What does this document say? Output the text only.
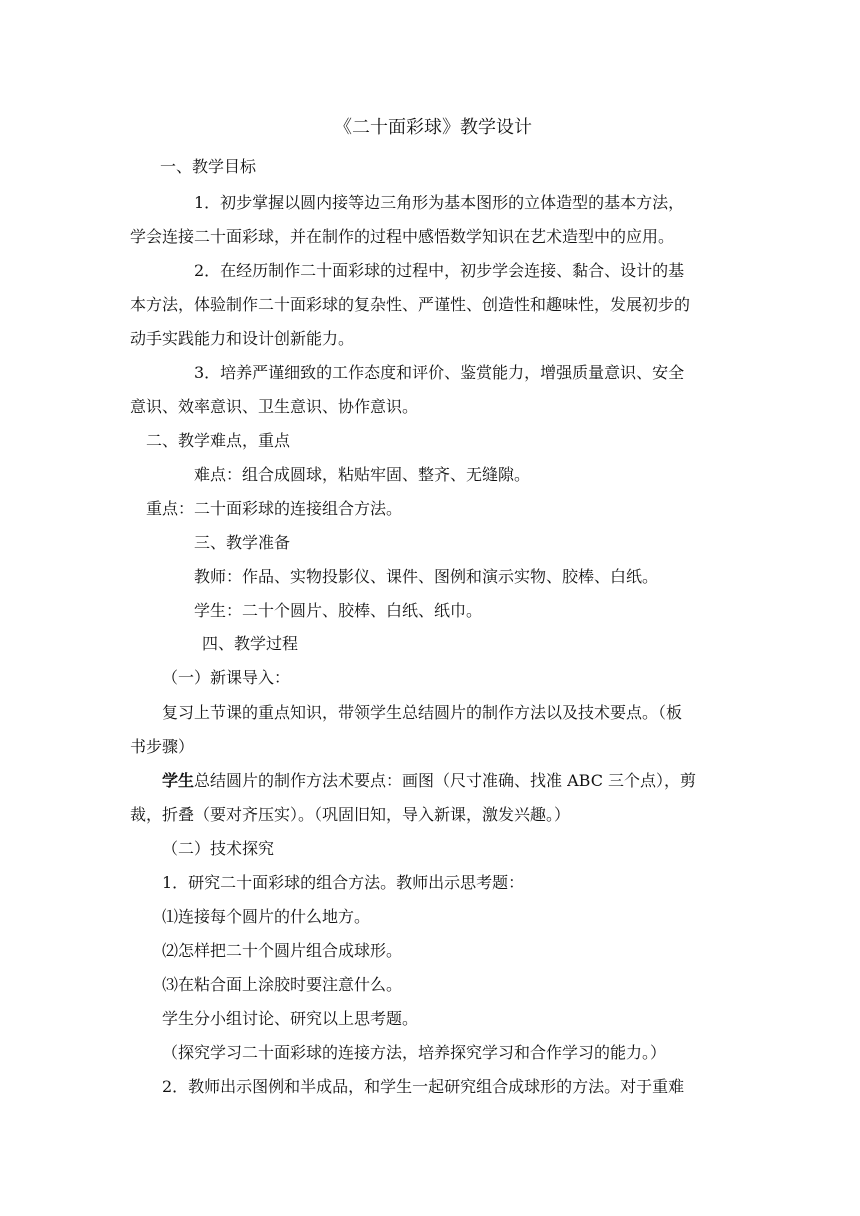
《二十面彩球》教学设计
一、教学目标
1．初步掌握以圆内接等边三角形为基本图形的立体造型的基本方法，
学会连接二十面彩球，并在制作的过程中感悟数学知识在艺术造型中的应用。
2．在经历制作二十面彩球的过程中，初步学会连接、黏合、设计的基
本方法，体验制作二十面彩球的复杂性、严谨性、创造性和趣味性，发展初步的
动手实践能力和设计创新能力。
3．培养严谨细致的工作态度和评价、鉴赏能力，增强质量意识、安全
意识、效率意识、卫生意识、协作意识。
二、教学难点，重点
难点：组合成圆球，粘贴牢固、整齐、无缝隙。
重点：二十面彩球的连接组合方法。
三、教学准备
教师：作品、实物投影仪、课件、图例和演示实物、胶棒、白纸。
学生：二十个圆片、胶棒、白纸、纸巾。
四、教学过程
（一）新课导入：
复习上节课的重点知识，带领学生总结圆片的制作方法以及技术要点。（板
书步骤）
学生总结圆片的制作方法术要点：画图（尺寸准确、找准 ABC 三个点），剪
裁，折叠（要对齐压实）。（巩固旧知，导入新课，激发兴趣。）
（二）技术探究
1．研究二十面彩球的组合方法。教师出示思考题：
⑴连接每个圆片的什么地方。
⑵怎样把二十个圆片组合成球形。
⑶在粘合面上涂胶时要注意什么。
学生分小组讨论、研究以上思考题。
（探究学习二十面彩球的连接方法，培养探究学习和合作学习的能力。）
2．教师出示图例和半成品，和学生一起研究组合成球形的方法。对于重难
